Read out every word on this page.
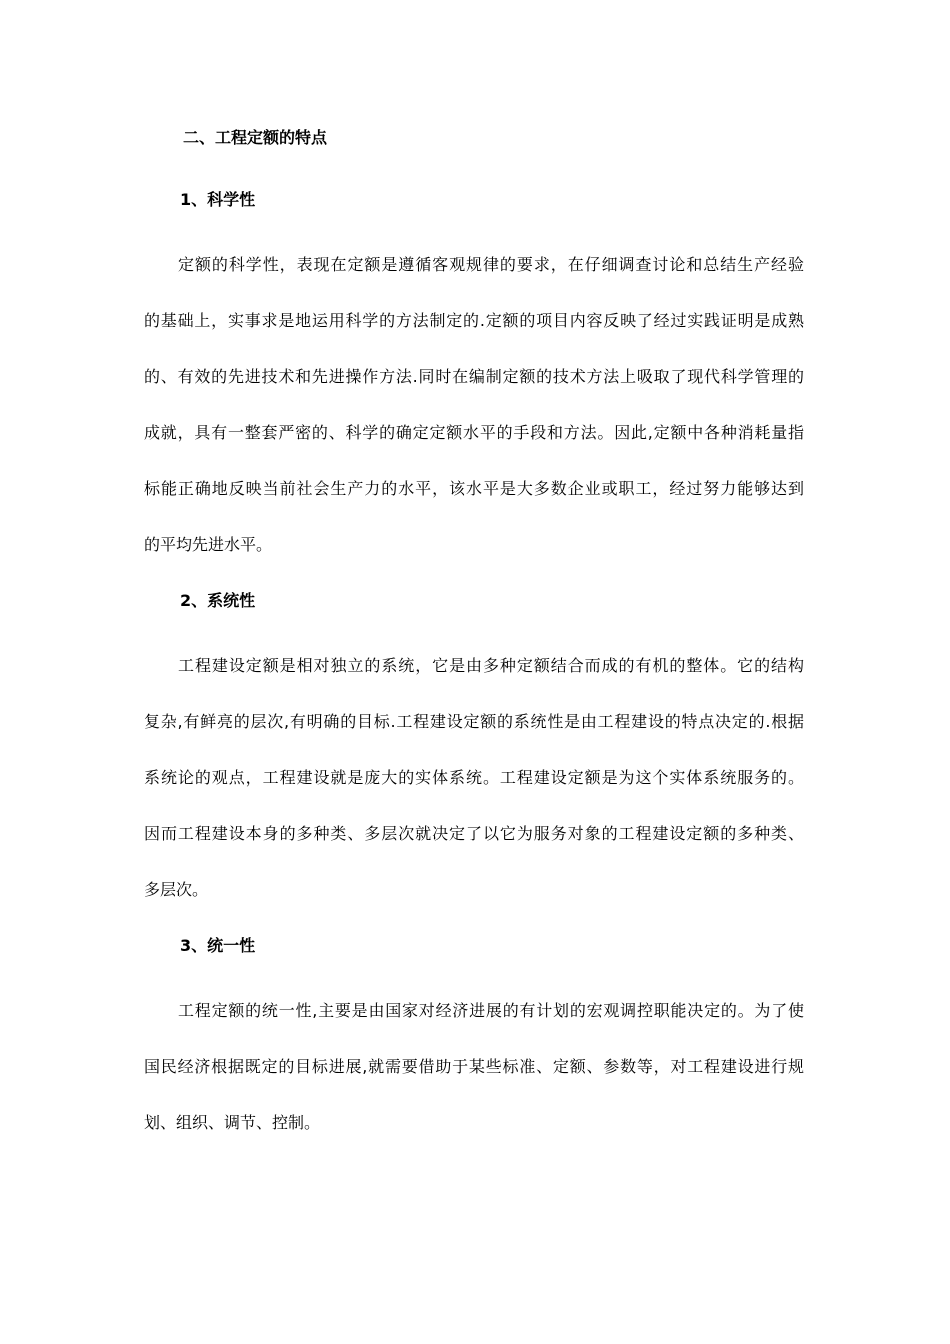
二、工程定额的特点
1、科学性
定额的科学性，表现在定额是遵循客观规律的要求，在仔细调查讨论和总结生产经验
的基础上，实事求是地运用科学的方法制定的.定额的项目内容反映了经过实践证明是成熟
的、有效的先进技术和先进操作方法.同时在编制定额的技术方法上吸取了现代科学管理的
成就，具有一整套严密的、科学的确定定额水平的手段和方法。因此,定额中各种消耗量指
标能正确地反映当前社会生产力的水平，该水平是大多数企业或职工，经过努力能够达到
的平均先进水平。
2、系统性
工程建设定额是相对独立的系统，它是由多种定额结合而成的有机的整体。它的结构
复杂,有鲜亮的层次,有明确的目标.工程建设定额的系统性是由工程建设的特点决定的.根据
系统论的观点，工程建设就是庞大的实体系统。工程建设定额是为这个实体系统服务的。
因而工程建设本身的多种类、多层次就决定了以它为服务对象的工程建设定额的多种类、
多层次。
3、统一性
工程定额的统一性,主要是由国家对经济进展的有计划的宏观调控职能决定的。为了使
国民经济根据既定的目标进展,就需要借助于某些标准、定额、参数等，对工程建设进行规
划、组织、调节、控制。
